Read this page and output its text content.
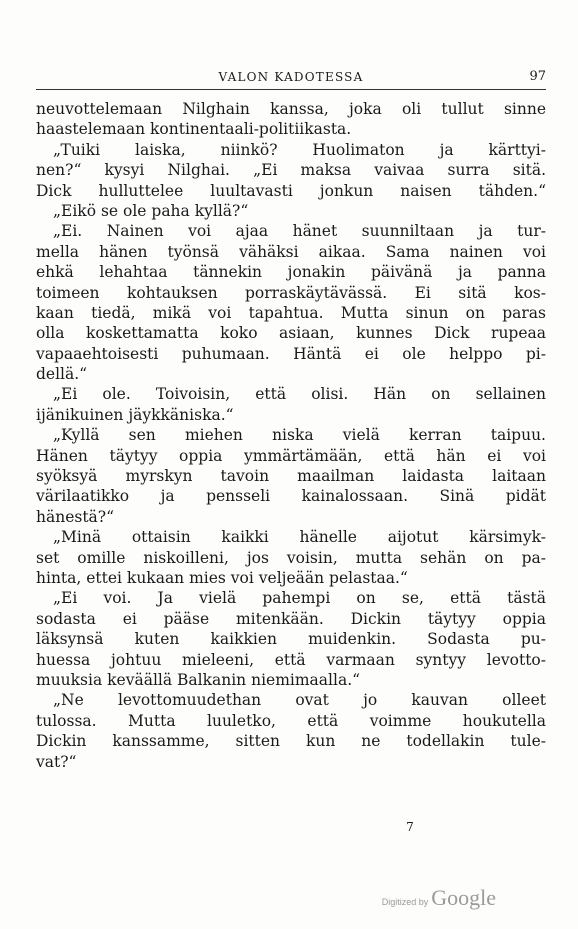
VALON KADOTESSA	97
neuvottelemaan Nilghain kanssa, joka oli tullut sinne
haastelemaan kontinentaali-politiikasta.
„Tuiki laiska, niinkö? Huolimaton ja kärttyi-
nen?“ kysyi Nilghai. „Ei maksa vaivaa surra sitä.
Dick hulluttelee luultavasti jonkun naisen tähden.“
„Eikö se ole paha kyllä?“
„Ei. Nainen voi ajaa hänet suunniltaan ja tur-
mella hänen työnsä vähäksi aikaa. Sama nainen voi
ehkä lehahtaa tännekin jonakin päivänä ja panna
toimeen kohtauksen porraskäytävässä. Ei sitä kos-
kaan tiedä, mikä voi tapahtua. Mutta sinun on paras
olla koskettamatta koko asiaan, kunnes Dick rupeaa
vapaaehtoisesti puhumaan. Häntä ei ole helppo pi-
dellä.“
„Ei ole. Toivoisin, että olisi. Hän on sellainen
ijänikuinen jäykkäniska.“
„Kyllä sen miehen niska vielä kerran taipuu.
Hänen täytyy oppia ymmärtämään, että hän ei voi
syöksyä myrskyn tavoin maailman laidasta laitaan
värilaatikko ja pensseli kainalossaan. Sinä pidät
hänestä?“
„Minä ottaisin kaikki hänelle aijotut kärsimyk-
set omille niskoilleni, jos voisin, mutta sehän on pa-
hinta, ettei kukaan mies voi veljeään pelastaa.“
„Ei voi. Ja vielä pahempi on se, että tästä
sodasta ei pääse mitenkään. Dickin täytyy oppia
läksynsä kuten kaikkien muidenkin. Sodasta pu-
huessa johtuu mieleeni, että varmaan syntyy levotto-
muuksia keväällä Balkanin niemimaalla.“
„Ne levottomuudethan ovat jo kauvan olleet
tulossa. Mutta luuletko, että voimme houkutella
Dickin kanssamme, sitten kun ne todellakin tule-
vat?“
7
Digitized by Google
